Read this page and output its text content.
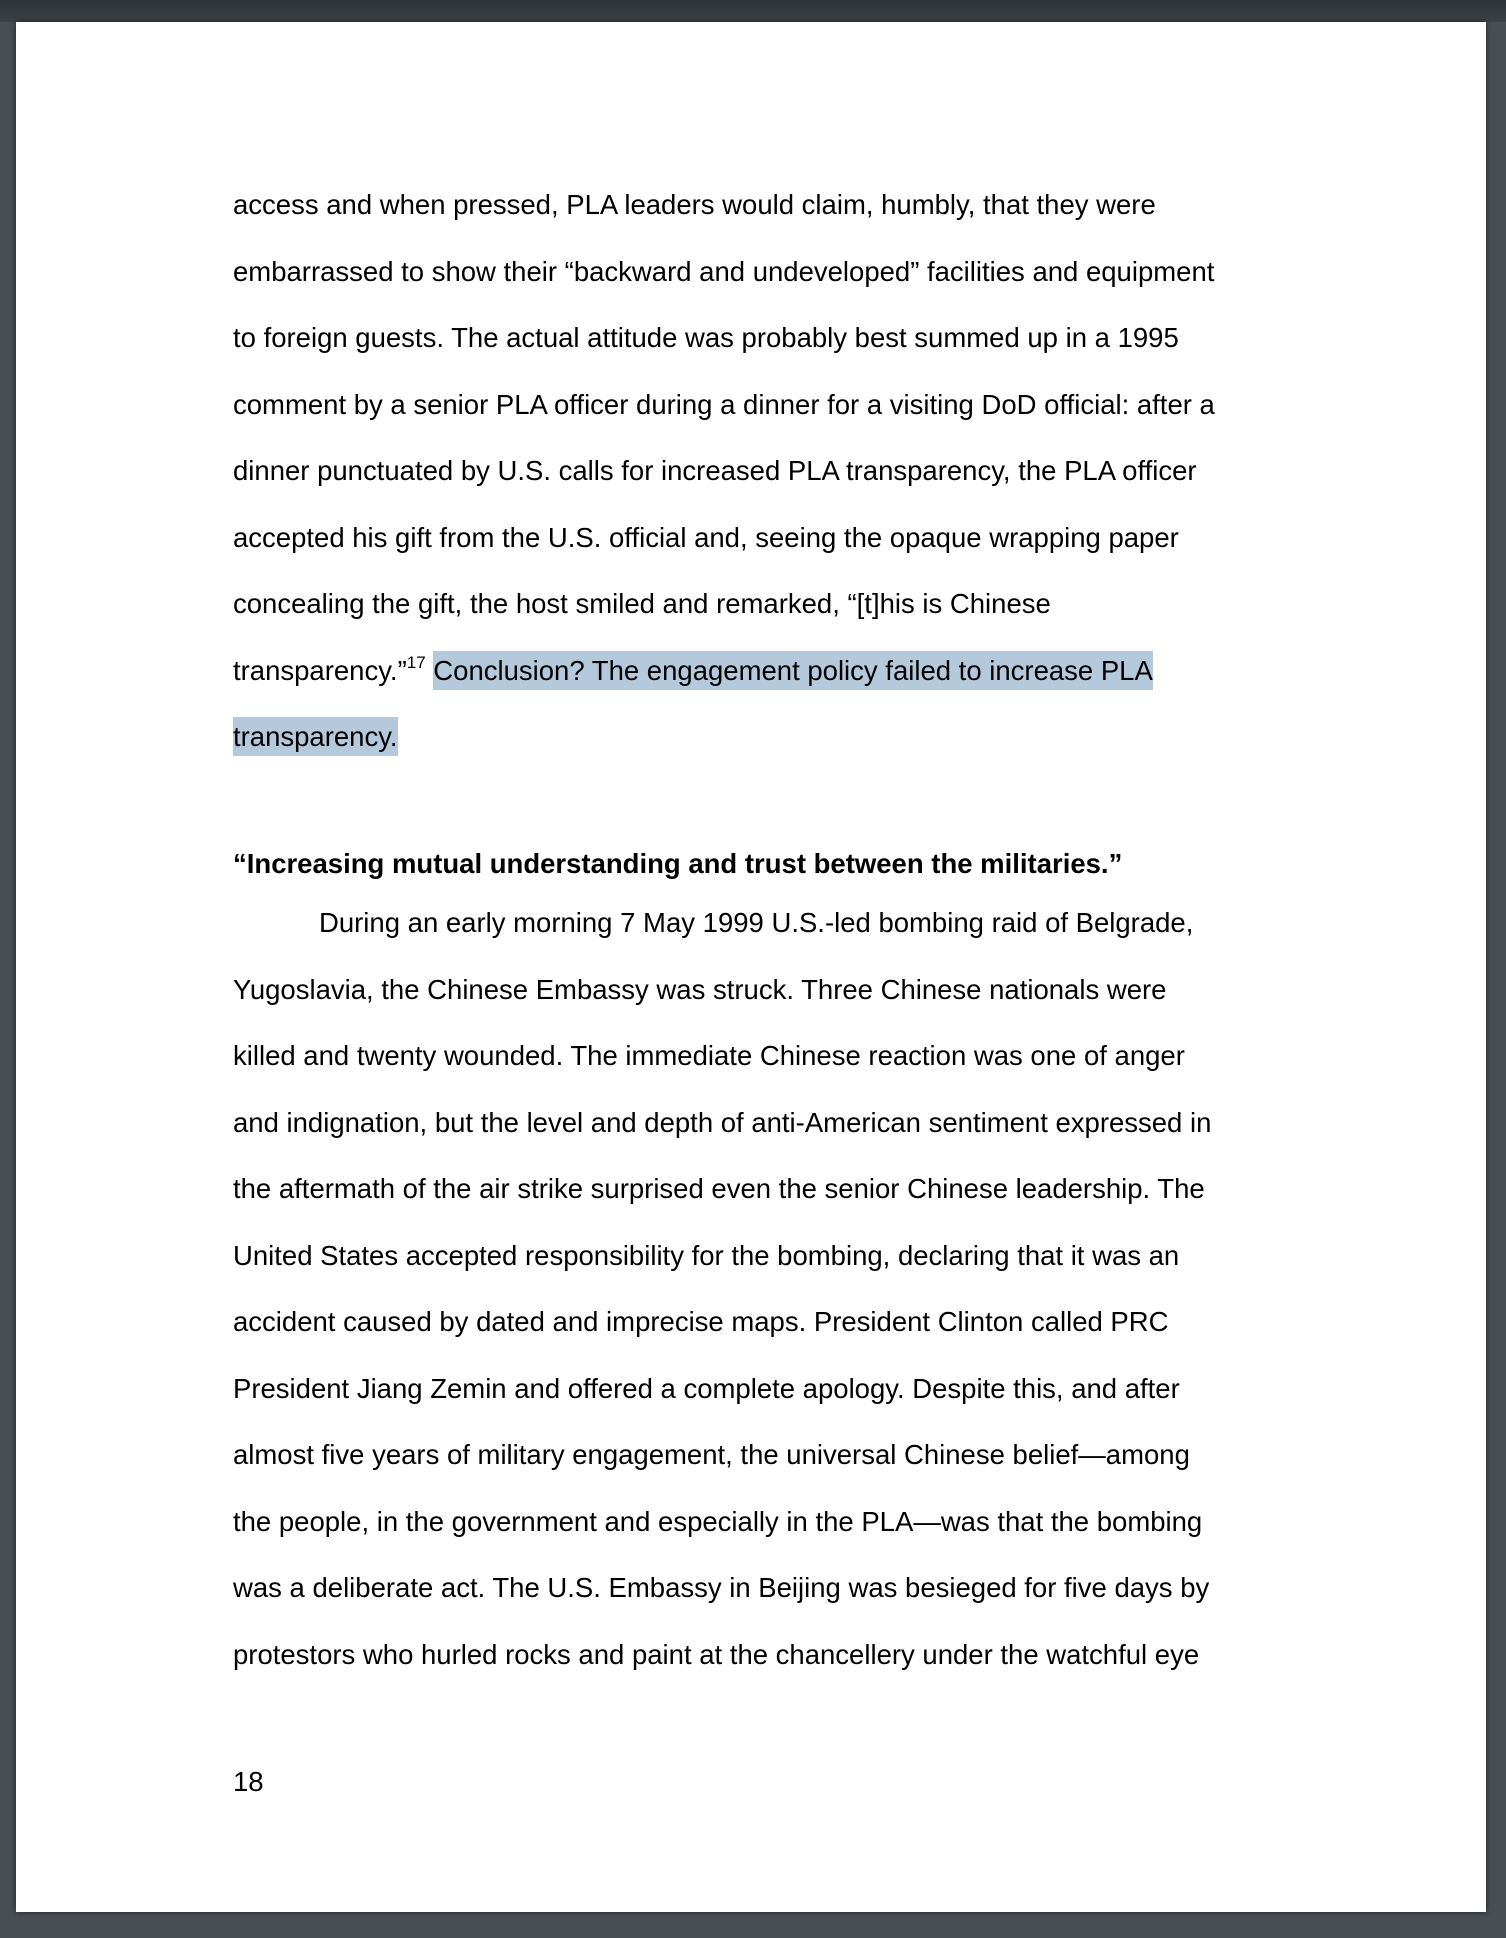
access and when pressed, PLA leaders would claim, humbly, that they were
embarrassed to show their “backward and undeveloped” facilities and equipment
to foreign guests. The actual attitude was probably best summed up in a 1995
comment by a senior PLA officer during a dinner for a visiting DoD official: after a
dinner punctuated by U.S. calls for increased PLA transparency, the PLA officer
accepted his gift from the U.S. official and, seeing the opaque wrapping paper
concealing the gift, the host smiled and remarked, “[t]his is Chinese
transparency.”$^{17}$ Conclusion? The engagement policy failed to increase PLA
transparency.
“Increasing mutual understanding and trust between the militaries.”
During an early morning 7 May 1999 U.S.-led bombing raid of Belgrade,
Yugoslavia, the Chinese Embassy was struck. Three Chinese nationals were
killed and twenty wounded. The immediate Chinese reaction was one of anger
and indignation, but the level and depth of anti-American sentiment expressed in
the aftermath of the air strike surprised even the senior Chinese leadership. The
United States accepted responsibility for the bombing, declaring that it was an
accident caused by dated and imprecise maps. President Clinton called PRC
President Jiang Zemin and offered a complete apology. Despite this, and after
almost five years of military engagement, the universal Chinese belief—among
the people, in the government and especially in the PLA—was that the bombing
was a deliberate act. The U.S. Embassy in Beijing was besieged for five days by
protestors who hurled rocks and paint at the chancellery under the watchful eye
18
